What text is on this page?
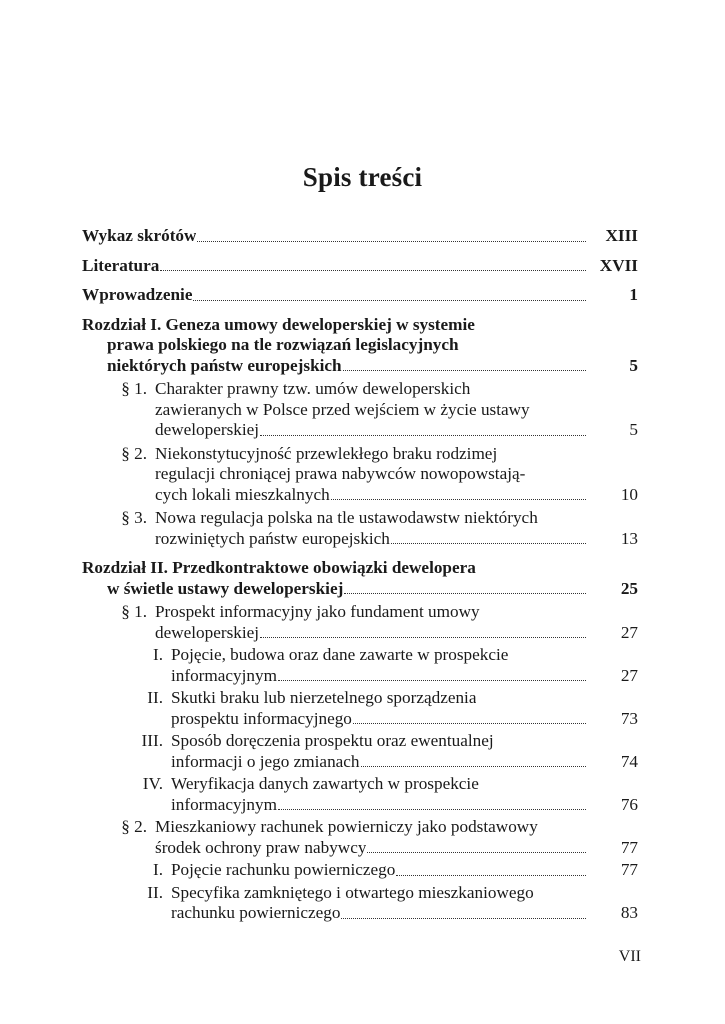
Spis treści
Wykaz skrótów	XIII
Literatura	XVII
Wprowadzenie	1
Rozdział I. Geneza umowy deweloperskiej w systemie
prawa polskiego na tle rozwiązań legislacyjnych
niektórych państw europejskich	5
§ 1. Charakter prawny tzw. umów deweloperskich
zawieranych w Polsce przed wejściem w życie ustawy
deweloperskiej	5
§ 2. Niekonstytucyjność przewlekłego braku rodzimej
regulacji chroniącej prawa nabywców nowopowstają-
cych lokali mieszkalnych	10
§ 3. Nowa regulacja polska na tle ustawodawstw niektórych
rozwiniętych państw europejskich	13
Rozdział II. Przedkontraktowe obowiązki dewelopera
w świetle ustawy deweloperskiej	25
§ 1. Prospekt informacyjny jako fundament umowy
deweloperskiej	27
I. Pojęcie, budowa oraz dane zawarte w prospekcie
informacyjnym	27
II. Skutki braku lub nierzetelnego sporządzenia
prospektu informacyjnego	73
III. Sposób doręczenia prospektu oraz ewentualnej
informacji o jego zmianach	74
IV. Weryfikacja danych zawartych w prospekcie
informacyjnym	76
§ 2. Mieszkaniowy rachunek powierniczy jako podstawowy
środek ochrony praw nabywcy	77
I. Pojęcie rachunku powierniczego	77
II. Specyfika zamkniętego i otwartego mieszkaniowego
rachunku powierniczego	83
VII
